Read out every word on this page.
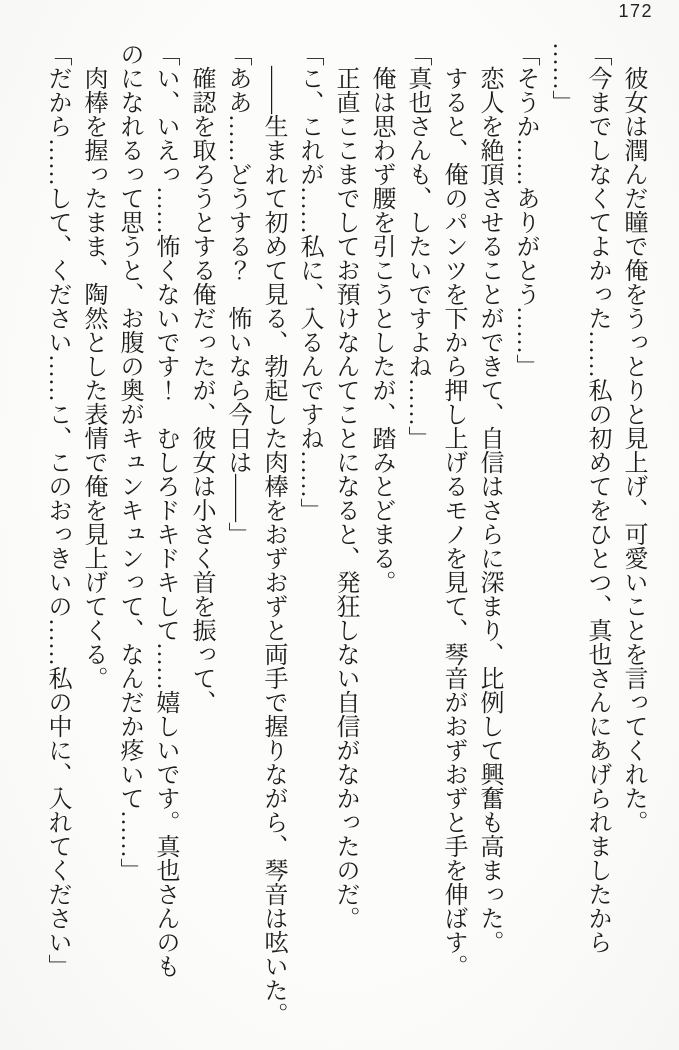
172

彼女は潤んだ瞳で俺をうっとりと見上げ、可愛いことを言ってくれた。

「今までしなくてよかった……私の初めてをひとつ、真也さんにあげられましたから

……」

「そうか……ありがとう……」

恋人を絶頂させることができて、自信はさらに深まり、比例して興奮も高まった。

すると、俺のパンツを下から押し上げるモノを見て、琴音がおずおずと手を伸ばす。

「真也さんも、したいですよね……」

俺は思わず腰を引こうとしたが、踏みとどまる。

正直ここまでしてお預けなんてことになると、発狂しない自信がなかったのだ。

「こ、これが……私に、入るんですね……」

――生まれて初めて見る、勃起した肉棒をおずおずと両手で握りながら、琴音は呟いた。

「ああ……どうする？　怖いなら今日は――」

確認を取ろうとする俺だったが、彼女は小さく首を振って、

「い、いえっ……怖くないです！　むしろドキドキして……嬉しいです。真也さんのも

のになれるって思うと、お腹の奥がキュンキュンって、なんだか疼いて……」

肉棒を握ったまま、陶然とした表情で俺を見上げてくる。

「だから……して、ください……こ、このおっきいの……私の中に、入れてください」
